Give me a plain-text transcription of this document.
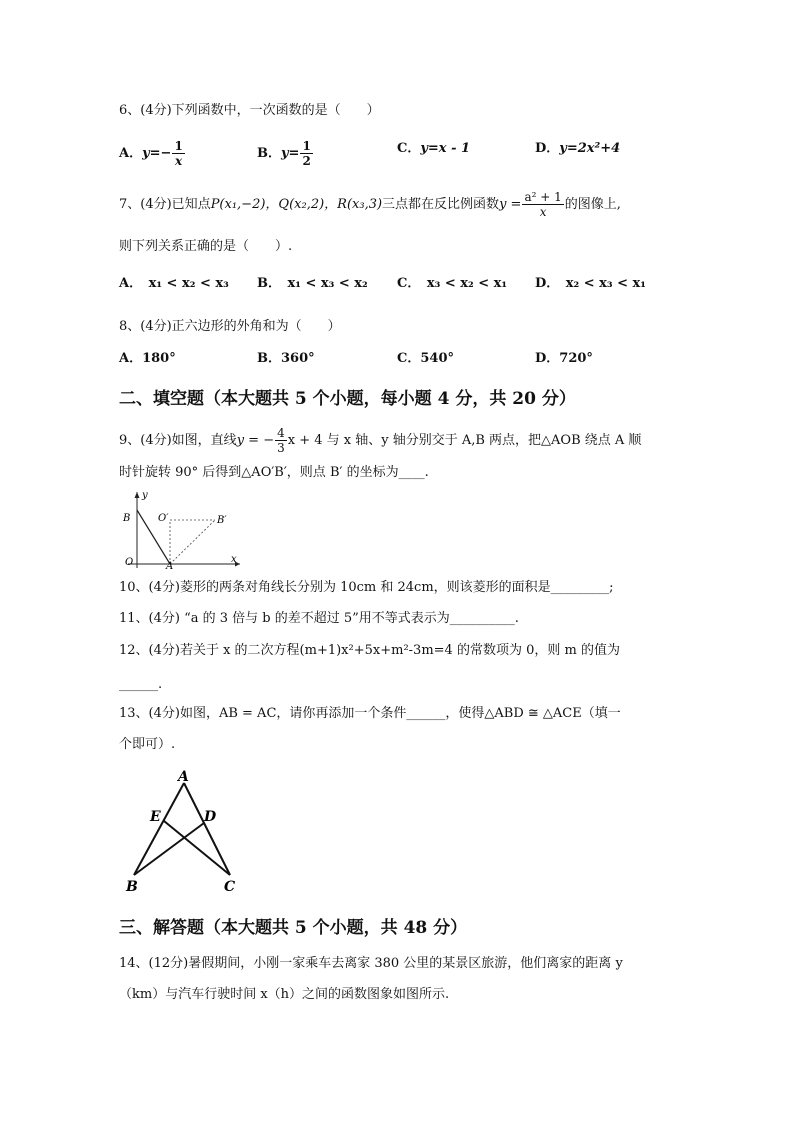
6、(4分)下列函数中，一次函数的是（　　）
A．$y=- \frac{1}{x}$	B．$y= \frac{1}{2}$	C．y=x - 1	D．y=2x²+4
7、(4分)已知点P(x₁,−2)，Q(x₂,2)，R(x₃,3)三点都在反比例函数$y = \frac{\text{a² + 1}}{x}$ 的图像上,
则下列关系正确的是（　　）.
A．　x₁ < x₂ < x₃ B．　x₁ < x₃ < x₂ C．　x₃ < x₂ < x₁ D．　x₂ < x₃ < x₁
8、(4分)正六边形的外角和为（　　）
A．180°	B．360°	C．540°	D．720°
二、填空题（本大题共 5 个小题，每小题 4 分，共 20 分）
9、(4分)如图，直线y = − $\frac{4}{3}$ x + 4 与 x 轴、y 轴分别交于 A,B 两点，把△AOB 绕点 A 顺
时针旋转 90° 后得到△AO′B′，则点 B′ 的坐标为____.
y
x
B
O	A
O′	B′
10、(4分)菱形的两条对角线长分别为 10cm 和 24cm，则该菱形的面积是_________;
11、(4分) “a 的 3 倍与 b 的差不超过 5”用不等式表示为__________.
12、(4分)若关于 x 的二次方程(m+1)x²+5x+m²-3m=4 的常数项为 0，则 m 的值为
______.
13、(4分)如图，AB = AC，请你再添加一个条件______，使得△ABD ≅ △ACE（填一
个即可）.
A
E	D
B	C
三、解答题（本大题共 5 个小题，共 48 分）
14、(12分)暑假期间，小刚一家乘车去离家 380 公里的某景区旅游，他们离家的距离 y
（km）与汽车行驶时间 x（h）之间的函数图象如图所示.
